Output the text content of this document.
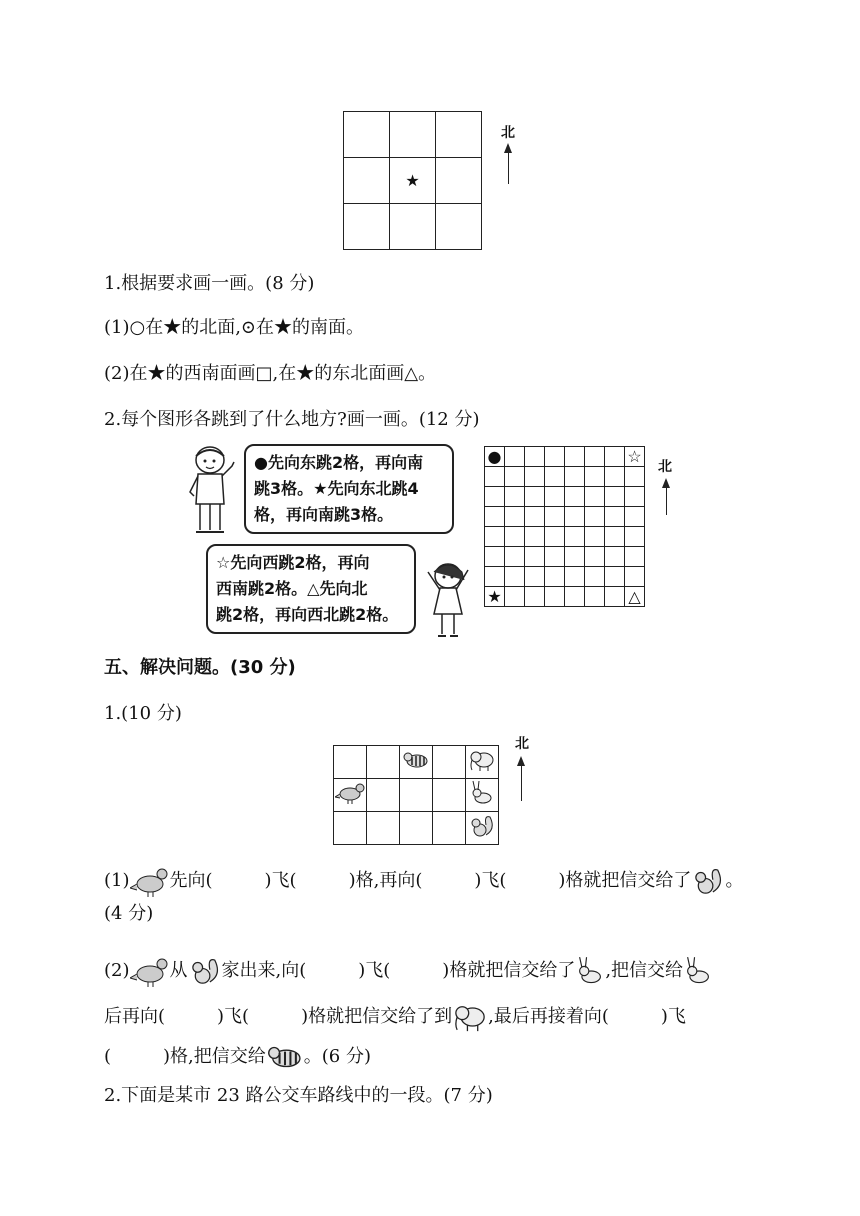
	★	

北
1.根据要求画一画。(8 分)
(1)○在★的北面,⊙在★的南面。
(2)在★的西南面画□,在★的东北面画△。
2.每个图形各跳到了什么地方?画一画。(12 分)
●先向东跳2格，再向南
跳3格。★先向东北跳4
格，再向南跳3格。
☆先向西跳2格，再向
西南跳2格。△先向北
跳2格，再向西北跳2格。
●							☆

★							△
北
五、解决问题。(30 分)
1.(10 分)

北
(1) 先向(	)飞(	)格,再向(	)飞(	)格就把信交给了 。
(4 分)
(2) 从 家出来,向(	)飞(	)格就把信交给了 ,把信交给
后再向(	)飞(	)格就把信交给了到 ,最后再接着向(	)飞
(	)格,把信交给 。(6 分)
2.下面是某市 23 路公交车路线中的一段。(7 分)
